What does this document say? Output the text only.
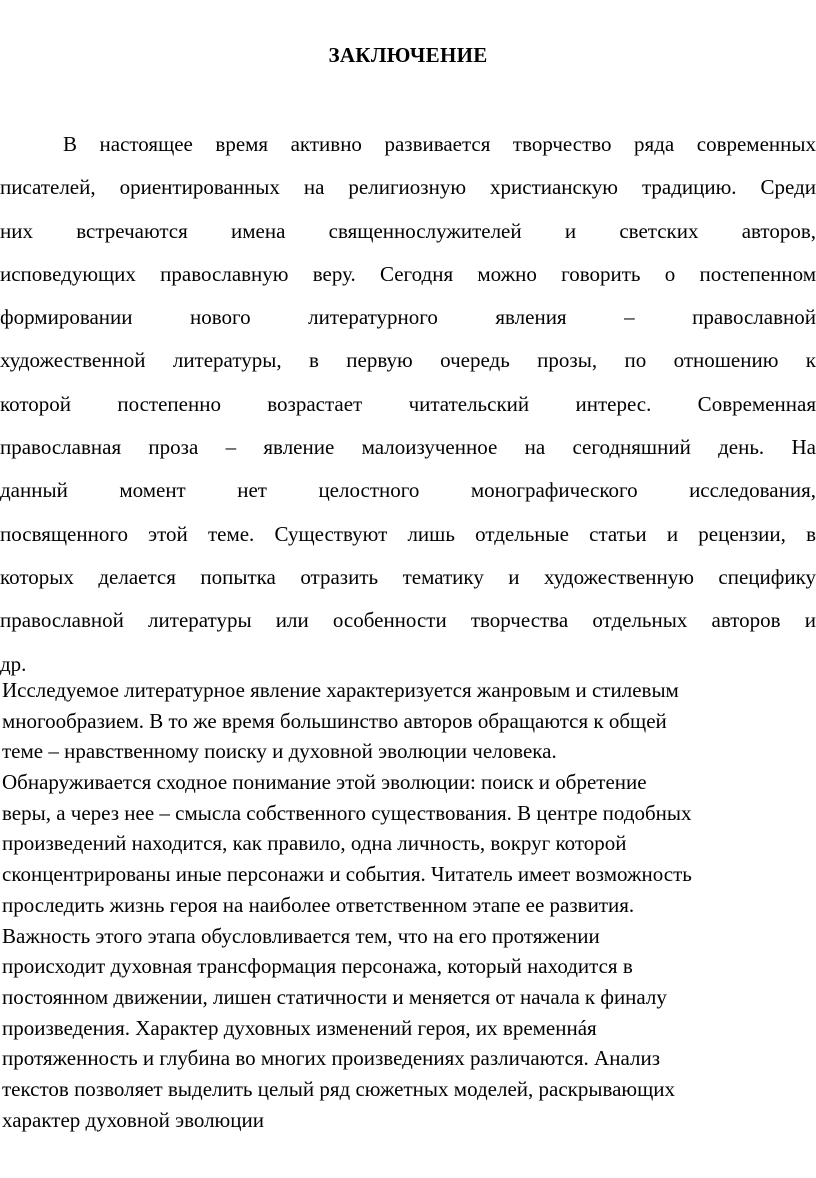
ЗАКЛЮЧЕНИЕ
В настоящее время активно развивается творчество ряда современных
писателей, ориентированных на религиозную христианскую традицию. Среди
них встречаются имена священнослужителей и светских авторов,
исповедующих православную веру. Сегодня можно говорить о постепенном
формировании нового литературного явления – православной
художественной литературы, в первую очередь прозы, по отношению к
которой постепенно возрастает читательский интерес. Современная
православная проза – явление малоизученное на сегодняшний день. На
данный момент нет целостного монографического исследования,
посвященного этой теме. Существуют лишь отдельные статьи и рецензии, в
которых делается попытка отразить тематику и художественную специфику
православной литературы или особенности творчества отдельных авторов и
др.
Исследуемое литературное явление характеризуется жанровым и стилевым
многообразием. В то же время большинство авторов обращаются к общей
теме – нравственному поиску и духовной эволюции человека.
Обнаруживается сходное понимание этой эволюции: поиск и обретение
веры, а через нее – смысла собственного существования. В центре подобных
произведений находится, как правило, одна личность, вокруг которой
сконцентрированы иные персонажи и события. Читатель имеет возможность
проследить жизнь героя на наиболее ответственном этапе ее развития.
Важность этого этапа обусловливается тем, что на его протяжении
происходит духовная трансформация персонажа, который находится в
постоянном движении, лишен статичности и меняется от начала к финалу
произведения. Характер духовных изменений героя, их временнáя
протяженность и глубина во многих произведениях различаются. Анализ
текстов позволяет выделить целый ряд сюжетных моделей, раскрывающих
характер духовной эволюции
